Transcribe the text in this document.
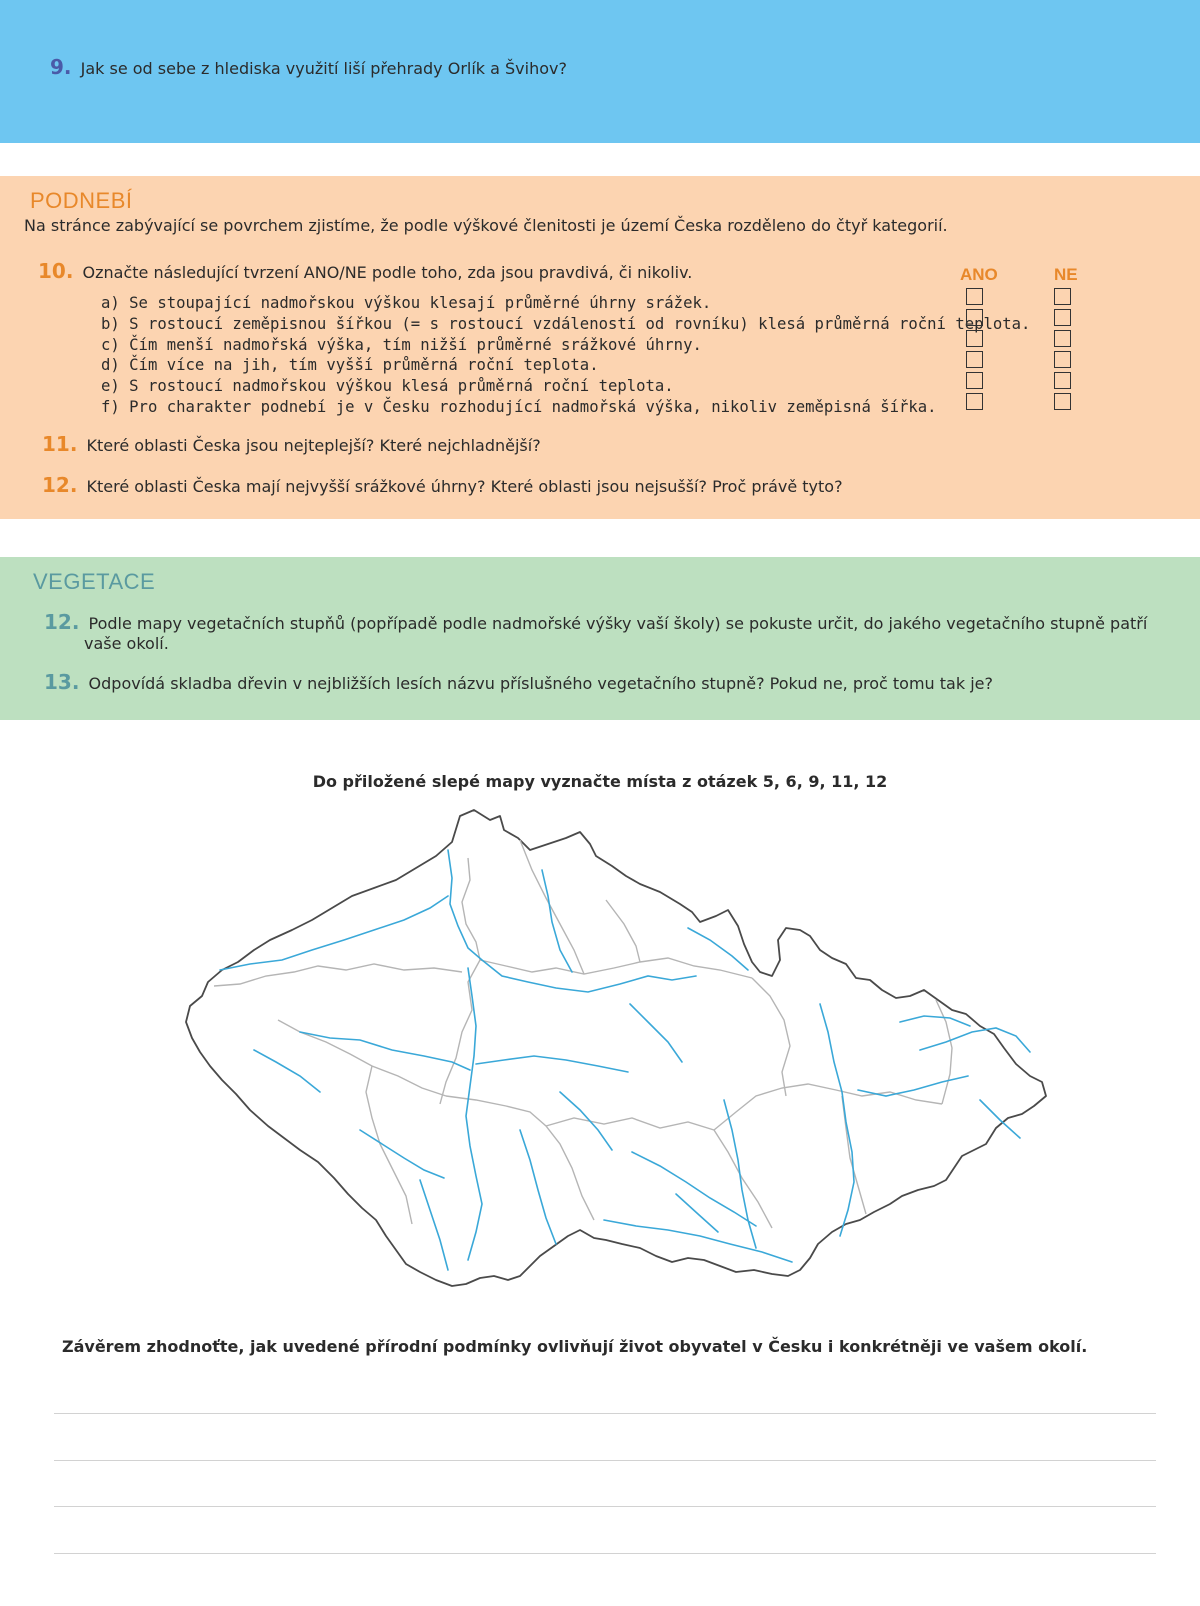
9. Jak se od sebe z hlediska využití liší přehrady Orlík a Švihov?
PODNEBÍ
Na stránce zabývající se povrchem zjistíme, že podle výškové členitosti je území Česka rozděleno do čtyř kategorií.
10. Označte následující tvrzení ANO/NE podle toho, zda jsou pravdivá, či nikoliv.	ANO	NE
a) Se stoupající nadmořskou výškou klesají průměrné úhrny srážek.
b) S rostoucí zeměpisnou šířkou (= s rostoucí vzdáleností od rovníku) klesá průměrná roční teplota.
c) Čím menší nadmořská výška, tím nižší průměrné srážkové úhrny.
d) Čím více na jih, tím vyšší průměrná roční teplota.
e) S rostoucí nadmořskou výškou klesá průměrná roční teplota.
f) Pro charakter podnebí je v Česku rozhodující nadmořská výška, nikoliv zeměpisná šířka.
11. Které oblasti Česka jsou nejteplejší? Které nejchladnější?
12. Které oblasti Česka mají nejvyšší srážkové úhrny? Které oblasti jsou nejsušší? Proč právě tyto?
VEGETACE
12. Podle mapy vegetačních stupňů (popřípadě podle nadmořské výšky vaší školy) se pokuste určit, do jakého vegetačního stupně patří
vaše okolí.
13. Odpovídá skladba dřevin v nejbližších lesích názvu příslušného vegetačního stupně? Pokud ne, proč tomu tak je?
Do přiložené slepé mapy vyznačte místa z otázek 5, 6, 9, 11, 12
Závěrem zhodnoťte, jak uvedené přírodní podmínky ovlivňují život obyvatel v Česku i konkrétněji ve vašem okolí.
